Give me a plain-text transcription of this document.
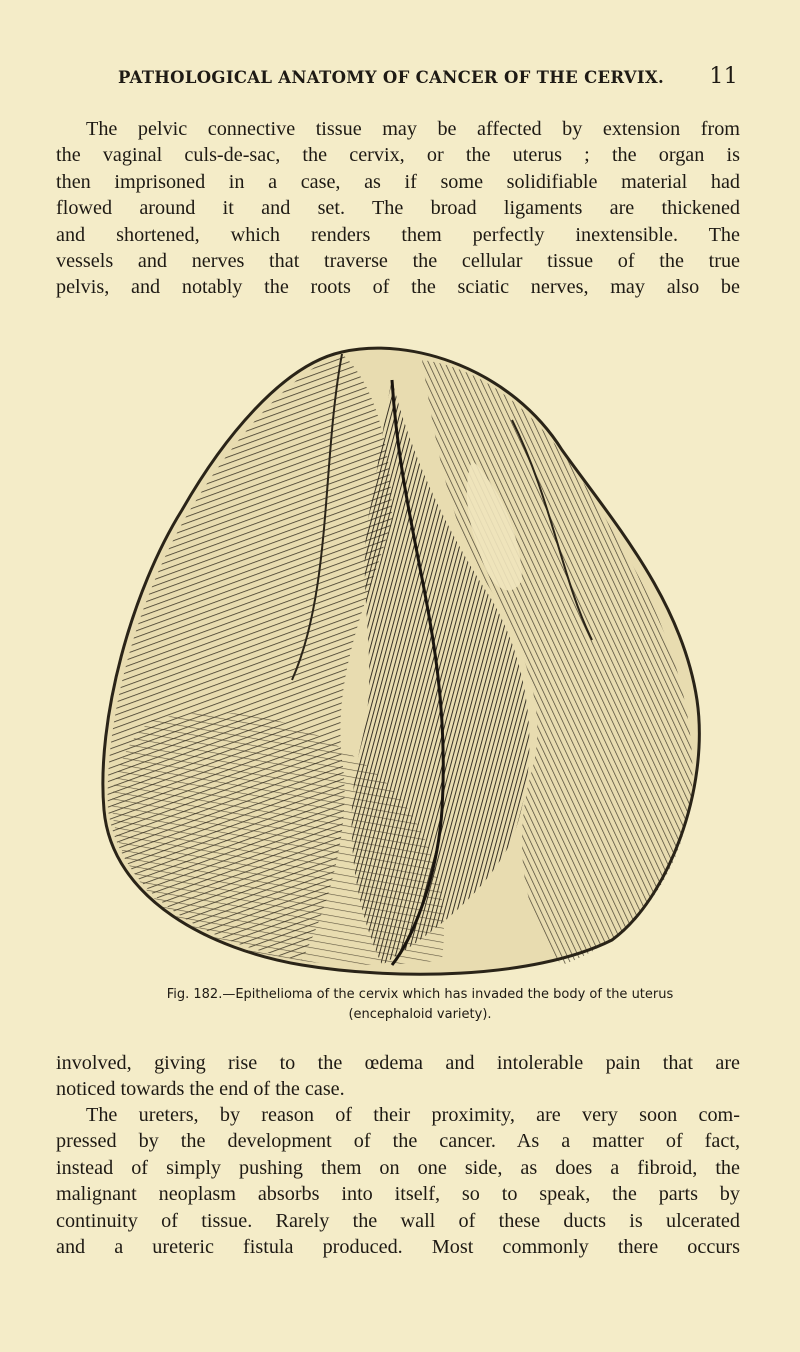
PATHOLOGICAL ANATOMY OF CANCER OF THE CERVIX. 11
The pelvic connective tissue may be affected by extension from
the vaginal culs-de-sac, the cervix, or the uterus ; the organ is
then imprisoned in a case, as if some solidifiable material had
flowed around it and set. The broad ligaments are thickened
and shortened, which renders them perfectly inextensible. The
vessels and nerves that traverse the cellular tissue of the true
pelvis, and notably the roots of the sciatic nerves, may also be
Fig. 182.—Epithelioma of the cervix which has invaded the body of the uterus
(encephaloid variety).
involved, giving rise to the œdema and intolerable pain that are
noticed towards the end of the case.
The ureters, by reason of their proximity, are very soon com-
pressed by the development of the cancer. As a matter of fact,
instead of simply pushing them on one side, as does a fibroid, the
malignant neoplasm absorbs into itself, so to speak, the parts by
continuity of tissue. Rarely the wall of these ducts is ulcerated
and a ureteric fistula produced. Most commonly there occurs
